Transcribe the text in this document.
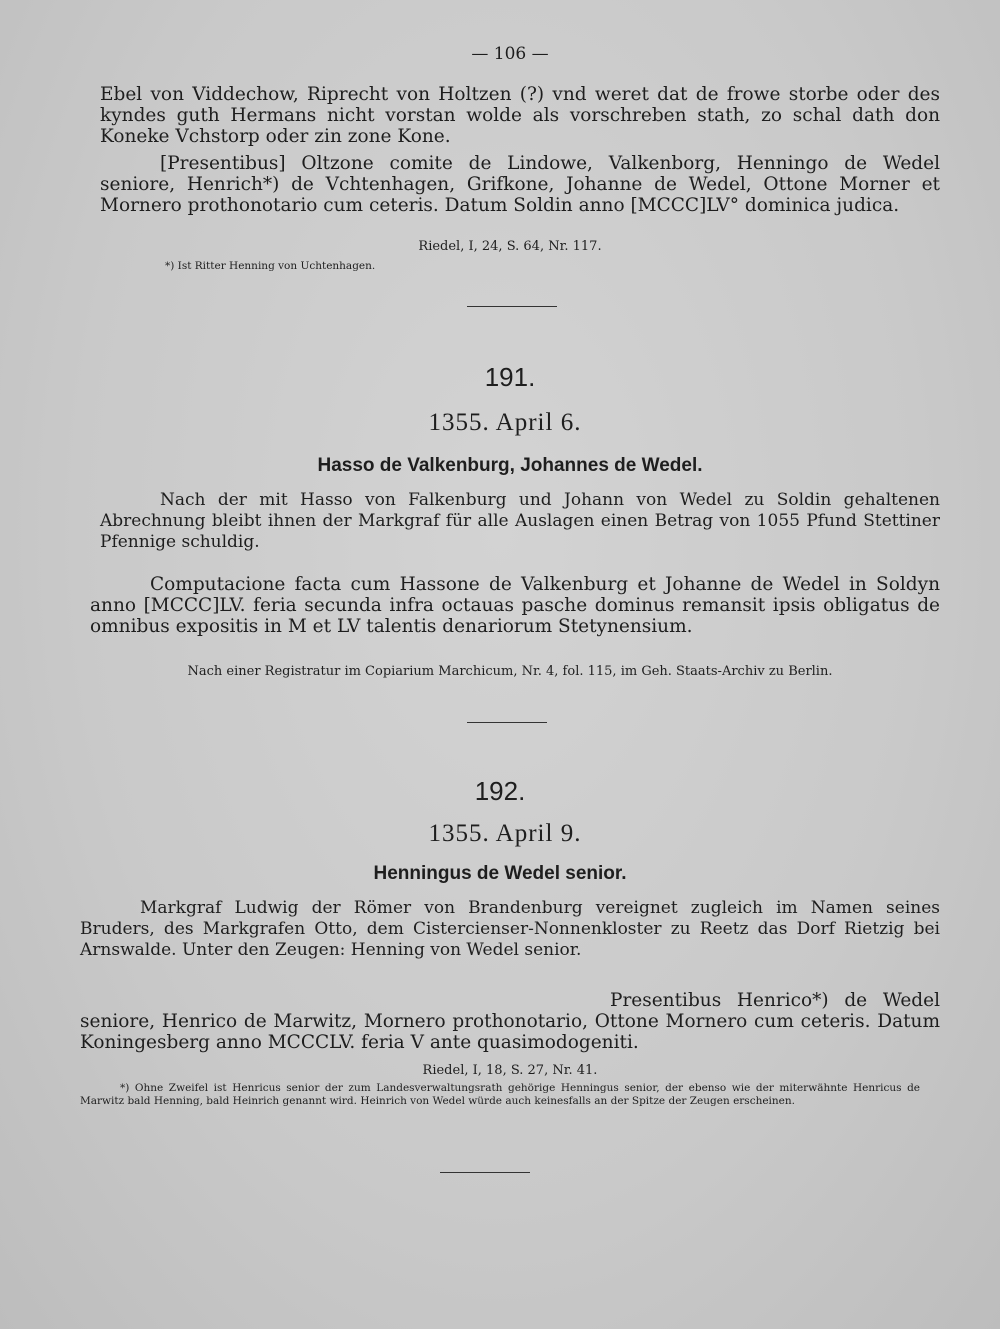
— 106 —

Ebel von Viddechow, Riprecht von Holtzen (?) vnd weret dat de frowe storbe oder des kyndes guth Hermans nicht vorstan wolde als vorschreben stath, zo schal dath don Koneke Vchstorp oder zin zone Kone.

[Presentibus] Oltzone comite de Lindowe, Valkenborg, Henningo de Wedel seniore, Henrich*) de Vchtenhagen, Grifkone, Johanne de Wedel, Ottone Morner et Mornero prothonotario cum ceteris. Datum Soldin anno [MCCC]LV° dominica judica.

Riedel, I, 24, S. 64, Nr. 117.
*) Ist Ritter Henning von Uchtenhagen.
191.
1355. April 6.
Hasso de Valkenburg, Johannes de Wedel.

Nach der mit Hasso von Falkenburg und Johann von Wedel zu Soldin gehaltenen Abrechnung bleibt ihnen der Markgraf für alle Auslagen einen Betrag von 1055 Pfund Stettiner Pfennige schuldig.

Computacione facta cum Hassone de Valkenburg et Johanne de Wedel in Soldyn anno [MCCC]LV. feria secunda infra octauas pasche dominus remansit ipsis obligatus de omnibus expositis in M et LV talentis denariorum Stetynensium.

Nach einer Registratur im Copiarium Marchicum, Nr. 4, fol. 115, im Geh. Staats-Archiv zu Berlin.
192.
1355. April 9.
Henningus de Wedel senior.

Markgraf Ludwig der Römer von Brandenburg vereignet zugleich im Namen seines Bruders, des Markgrafen Otto, dem Cistercienser-Nonnenkloster zu Reetz das Dorf Rietzig bei Arnswalde. Unter den Zeugen: Henning von Wedel senior.

Presentibus Henrico*) de Wedel seniore, Henrico de Marwitz, Mornero prothonotario, Ottone Mornero cum ceteris. Datum Koningesberg anno MCCCLV. feria V ante quasimodogeniti.

Riedel, I, 18, S. 27, Nr. 41.
*) Ohne Zweifel ist Henricus senior der zum Landesverwaltungsrath gehörige Henningus senior, der ebenso wie der miterwähnte Henricus de Marwitz bald Henning, bald Heinrich genannt wird. Heinrich von Wedel würde auch keinesfalls an der Spitze der Zeugen erscheinen.
